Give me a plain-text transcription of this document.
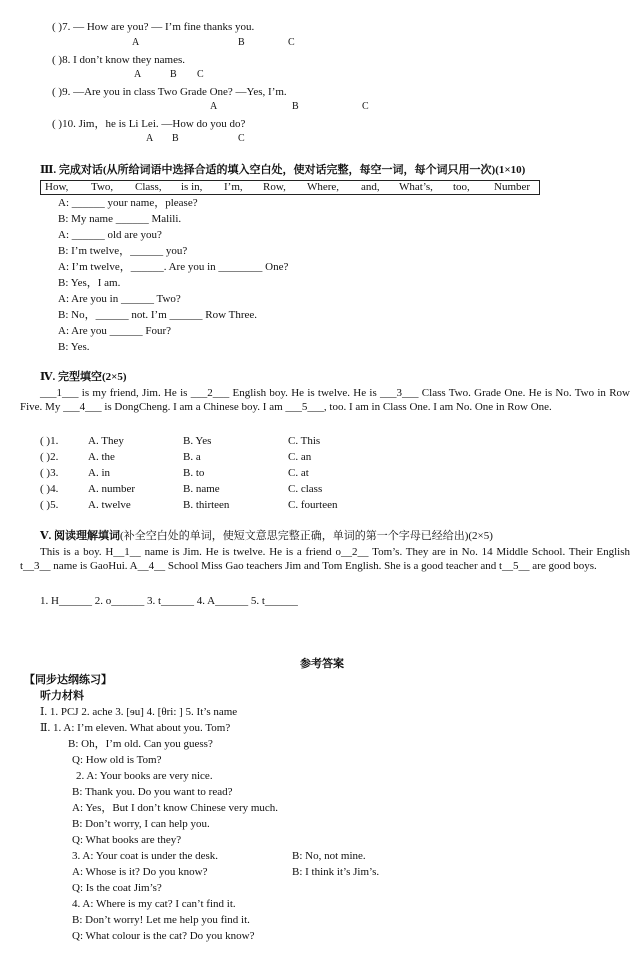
( )7. — How are you? — I’m fine thanks you.
A	B	C
( )8. I don’t know they names.
A	B C
( )9. —Are you in class Two Grade One? —Yes, I’m.
A	B	C
( )10. Jim，he is Li Lei. —How do you do?
A B	C
Ⅲ. 完成对话(从所给词语中选择合适的填入空白处，使对话完整，每空一词，每个词只用一次)(1×10)
How, Two, Class, is in, I’m, Row, Where, and, What’s, too, Number
A: ______ your name，please?
B: My name ______ Malili.
A: ______ old are you?
B: I’m twelve，______ you?
A: I’m twelve，______. Are you in ________ One?
B: Yes，I am.
A: Are you in ______ Two?
B: No，______ not. I’m ______ Row Three.
A: Are you ______ Four?
B: Yes.
Ⅳ. 完型填空(2×5)
___1___ is my friend, Jim. He is ___2___ English boy. He is twelve. He is ___3___ Class Two. Grade One. He is No. Two in Row Five. My ___4___ is DongCheng. I am a Chinese boy. I am ___5___, too. I am in Class One. I am No. One in Row One.
( )1.	A. They	B. Yes	C. This
( )2.	A. the	B. a	C. an
( )3.	A. in	B. to	C. at
( )4.	A. number	B. name	C. class
( )5.	A. twelve	B. thirteen	C. fourteen
Ⅴ. 阅读理解填词(补全空白处的单词，使短文意思完整正确，单词的第一个字母已经给出)(2×5)
This is a boy. H__1__ name is Jim. He is twelve. He is a friend o__2__ Tom’s. They are in No. 14 Middle School. Their English t__3__ name is GaoHui. A__4__ School Miss Gao teachers Jim and Tom English. She is a good teacher and t__5__ are good boys.
1. H______ 2. o______ 3. t______ 4. A______ 5. t______
参考答案
【同步达纲练习】
听力材料
Ⅰ. 1. PCJ 2. ache 3. [ɘu] 4. [θri: ] 5. It’s name
Ⅱ. 1. A: I’m eleven. What about you. Tom?
B: Oh，I’m old. Can you guess?
Q: How old is Tom?
2. A: Your books are very nice.
B: Thank you. Do you want to read?
A: Yes，But I don’t know Chinese very much.
B: Don’t worry, I can help you.
Q: What books are they?
3. A: Your coat is under the desk.	B: No, not mine.
A: Whose is it? Do you know?	B: I think it’s Jim’s.
Q: Is the coat Jim’s?
4. A: Where is my cat? I can’t find it.
B: Don’t worry! Let me help you find it.
Q: What colour is the cat? Do you know?
